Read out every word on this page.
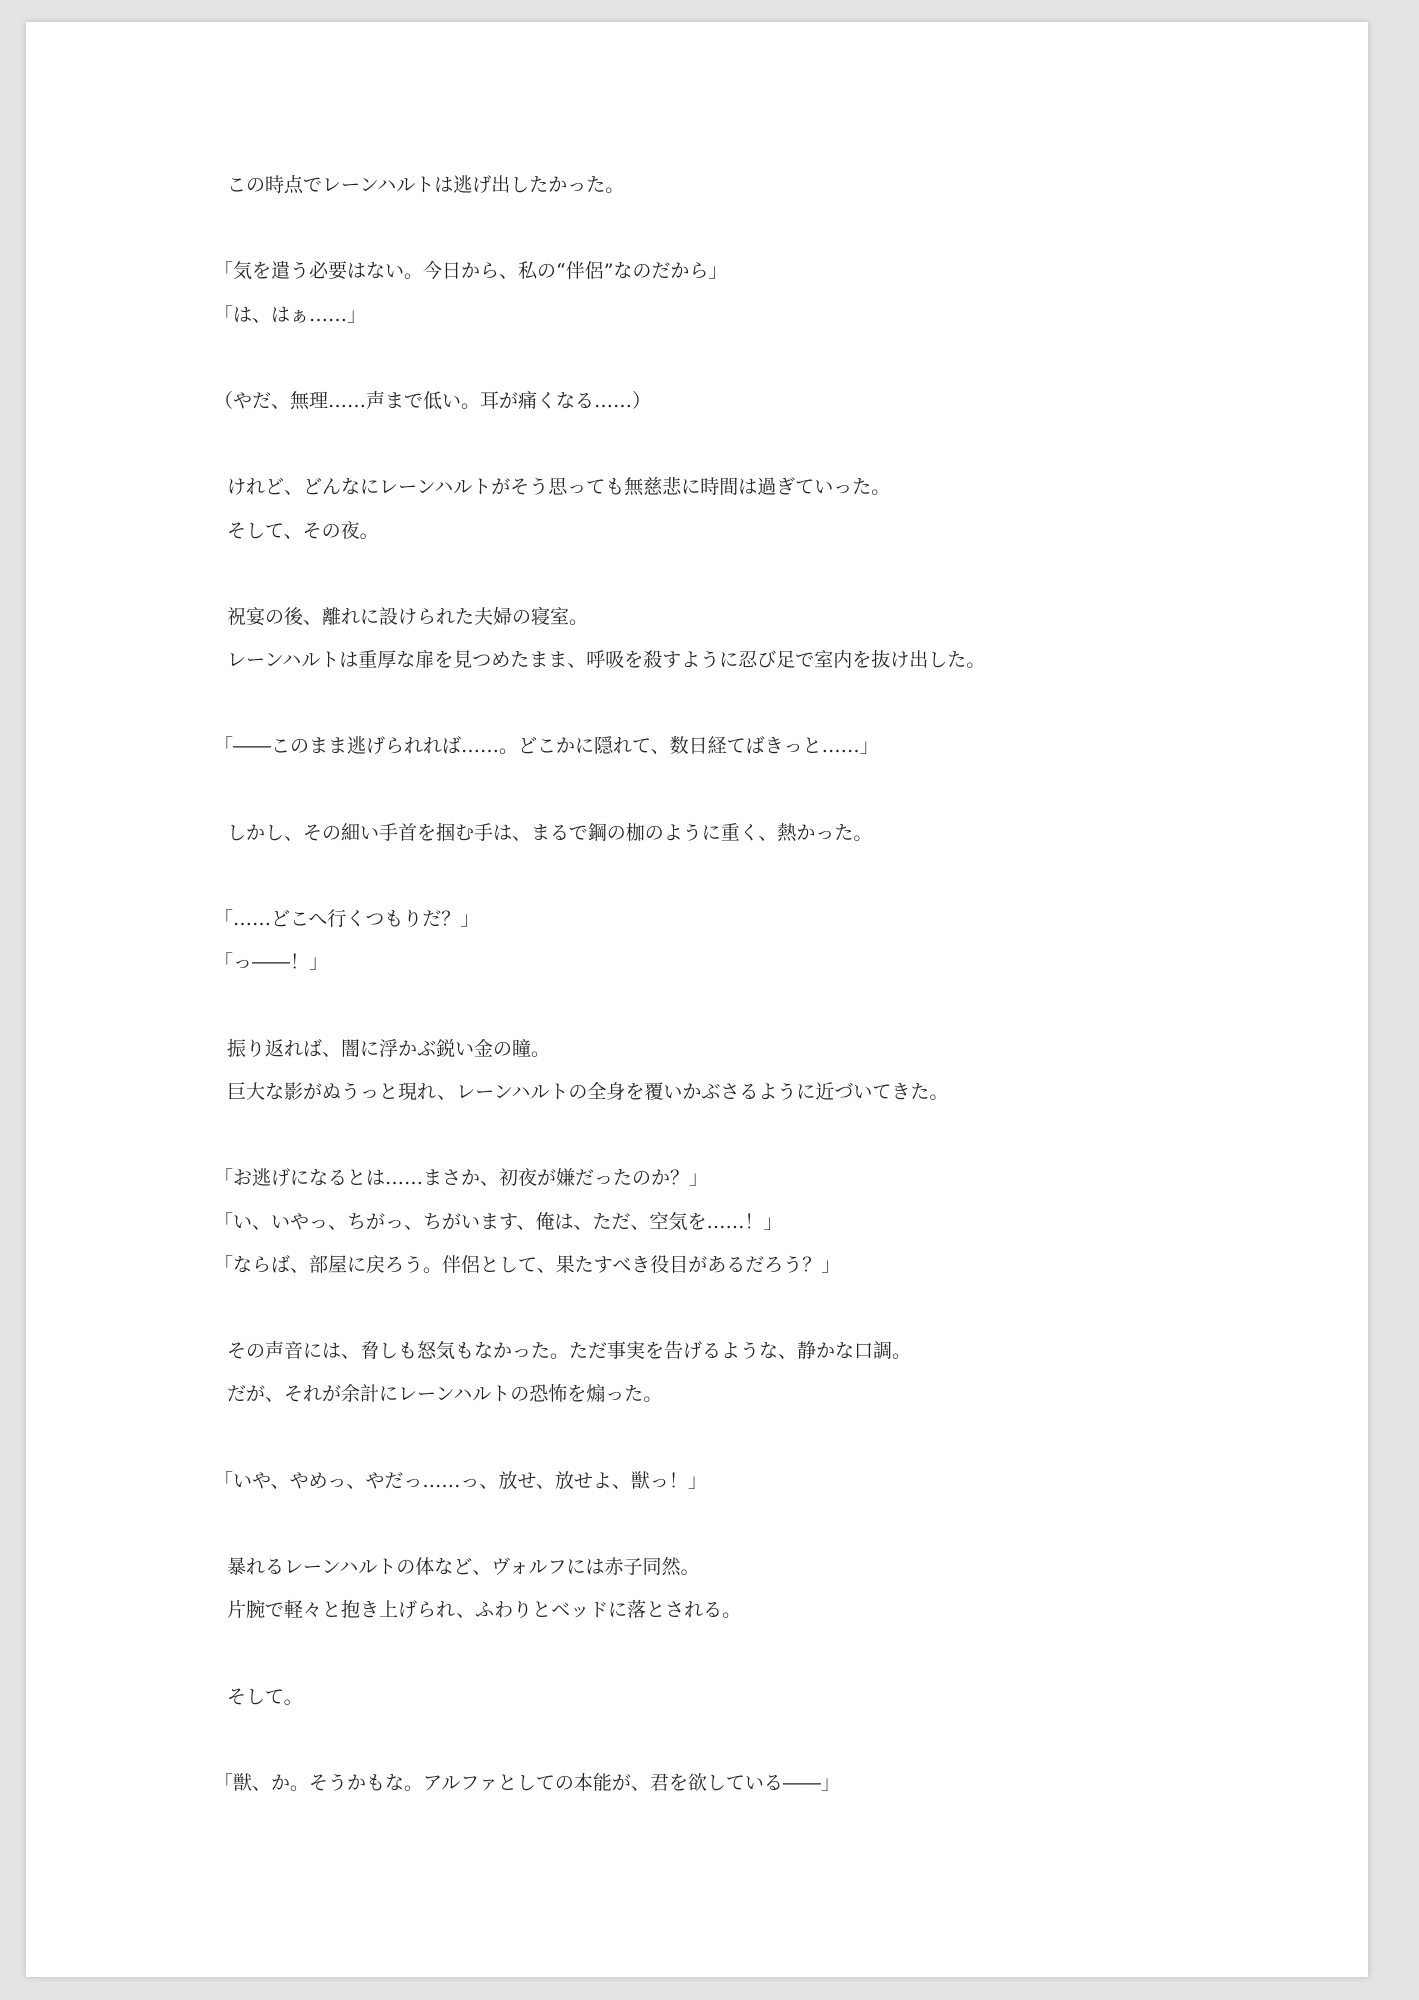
この時点でレーンハルトは逃げ出したかった。
「気を遣う必要はない。今日から、私の“伴侶”なのだから」
「は、はぁ……」
（やだ、無理……声まで低い。耳が痛くなる……）
けれど、どんなにレーンハルトがそう思っても無慈悲に時間は過ぎていった。
そして、その夜。
祝宴の後、離れに設けられた夫婦の寝室。
レーンハルトは重厚な扉を見つめたまま、呼吸を殺すように忍び足で室内を抜け出した。
「――このまま逃げられれば……。どこかに隠れて、数日経てばきっと……」
しかし、その細い手首を掴む手は、まるで鋼の枷のように重く、熱かった。
「……どこへ行くつもりだ？」
「っ――！」
振り返れば、闇に浮かぶ鋭い金の瞳。
巨大な影がぬうっと現れ、レーンハルトの全身を覆いかぶさるように近づいてきた。
「お逃げになるとは……まさか、初夜が嫌だったのか？」
「い、いやっ、ちがっ、ちがいます、俺は、ただ、空気を……！」
「ならば、部屋に戻ろう。伴侶として、果たすべき役目があるだろう？」
その声音には、脅しも怒気もなかった。ただ事実を告げるような、静かな口調。
だが、それが余計にレーンハルトの恐怖を煽った。
「いや、やめっ、やだっ……っ、放せ、放せよ、獣っ！」
暴れるレーンハルトの体など、ヴォルフには赤子同然。
片腕で軽々と抱き上げられ、ふわりとベッドに落とされる。
そして。
「獣、か。そうかもな。アルファとしての本能が、君を欲している――」
